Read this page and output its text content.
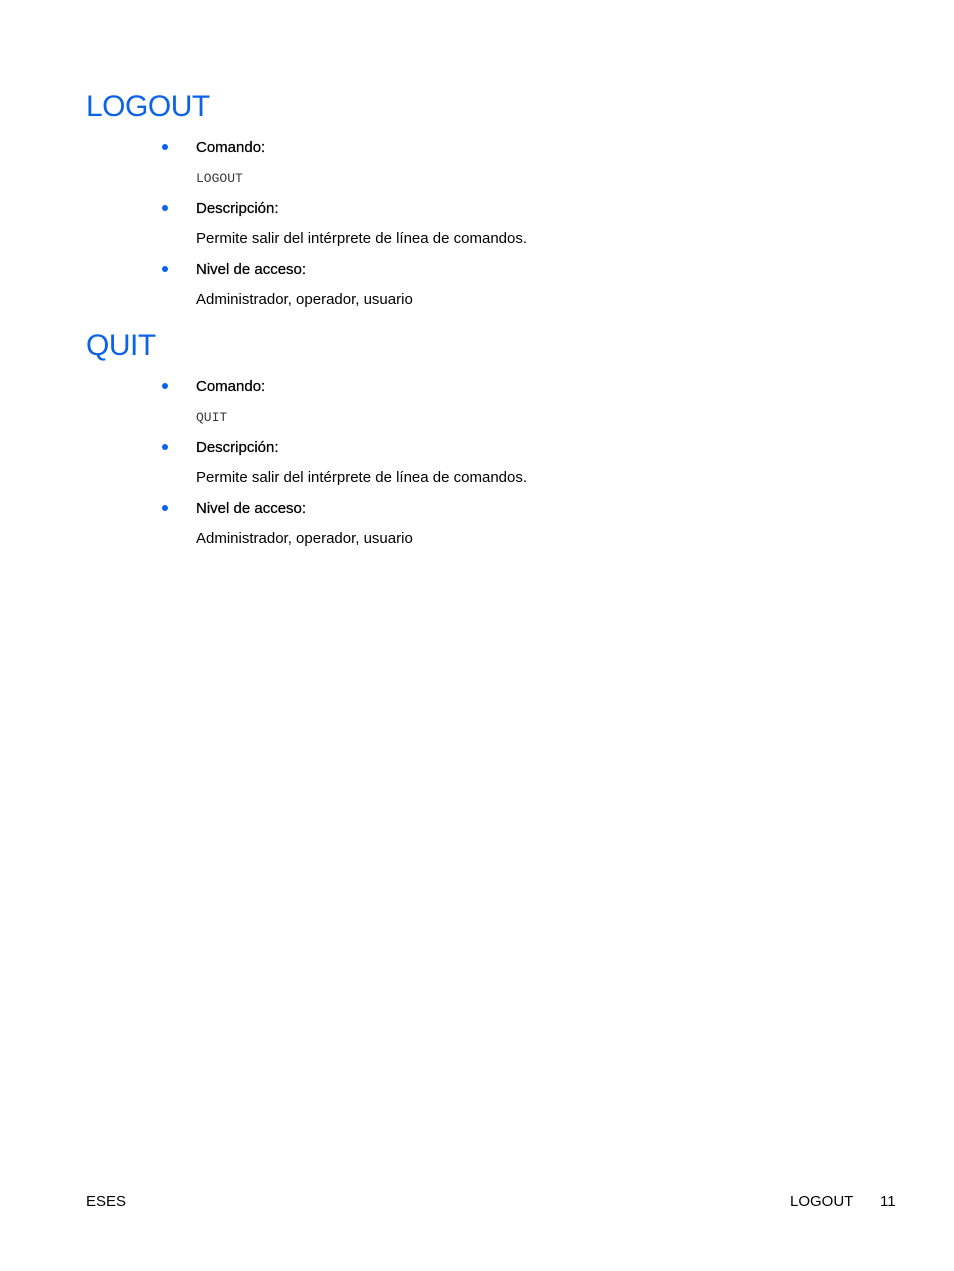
LOGOUT
Comando:
LOGOUT
Descripción:
Permite salir del intérprete de línea de comandos.
Nivel de acceso:
Administrador, operador, usuario
QUIT
Comando:
QUIT
Descripción:
Permite salir del intérprete de línea de comandos.
Nivel de acceso:
Administrador, operador, usuario
ESES	LOGOUT 11
